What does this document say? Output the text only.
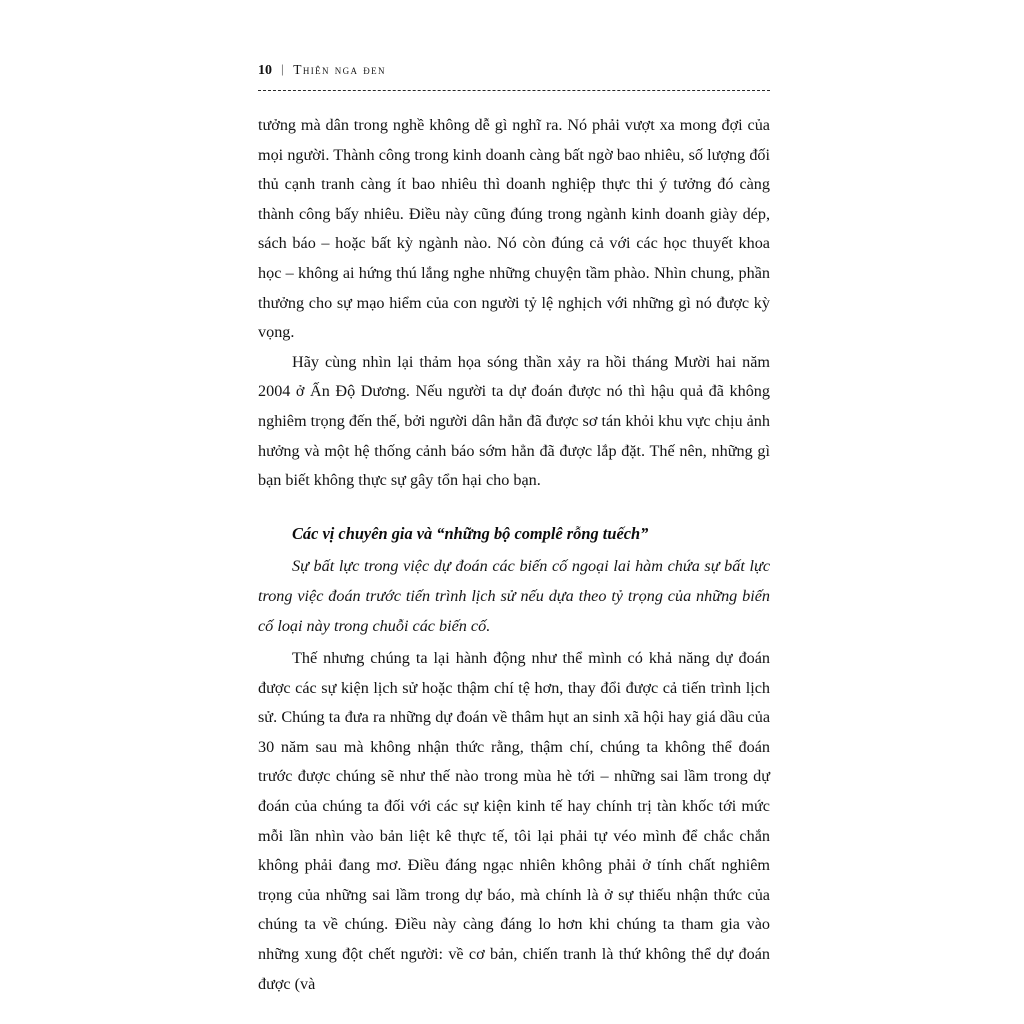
10 | Thiên nga đen

tưởng mà dân trong nghề không dễ gì nghĩ ra. Nó phải vượt xa mong đợi của mọi người. Thành công trong kinh doanh càng bất ngờ bao nhiêu, số lượng đối thủ cạnh tranh càng ít bao nhiêu thì doanh nghiệp thực thi ý tưởng đó càng thành công bấy nhiêu. Điều này cũng đúng trong ngành kinh doanh giày dép, sách báo – hoặc bất kỳ ngành nào. Nó còn đúng cả với các học thuyết khoa học – không ai hứng thú lắng nghe những chuyện tầm phào. Nhìn chung, phần thưởng cho sự mạo hiểm của con người tỷ lệ nghịch với những gì nó được kỳ vọng.

Hãy cùng nhìn lại thảm họa sóng thần xảy ra hồi tháng Mười hai năm 2004 ở Ấn Độ Dương. Nếu người ta dự đoán được nó thì hậu quả đã không nghiêm trọng đến thế, bởi người dân hẳn đã được sơ tán khỏi khu vực chịu ảnh hưởng và một hệ thống cảnh báo sớm hẳn đã được lắp đặt. Thế nên, những gì bạn biết không thực sự gây tổn hại cho bạn.

Các vị chuyên gia và “những bộ complê rỗng tuếch”

Sự bất lực trong việc dự đoán các biến cố ngoại lai hàm chứa sự bất lực trong việc đoán trước tiến trình lịch sử nếu dựa theo tỷ trọng của những biến cố loại này trong chuỗi các biến cố.

Thế nhưng chúng ta lại hành động như thể mình có khả năng dự đoán được các sự kiện lịch sử hoặc thậm chí tệ hơn, thay đổi được cả tiến trình lịch sử. Chúng ta đưa ra những dự đoán về thâm hụt an sinh xã hội hay giá dầu của 30 năm sau mà không nhận thức rằng, thậm chí, chúng ta không thể đoán trước được chúng sẽ như thế nào trong mùa hè tới – những sai lầm trong dự đoán của chúng ta đối với các sự kiện kinh tế hay chính trị tàn khốc tới mức mỗi lần nhìn vào bản liệt kê thực tế, tôi lại phải tự véo mình để chắc chắn không phải đang mơ. Điều đáng ngạc nhiên không phải ở tính chất nghiêm trọng của những sai lầm trong dự báo, mà chính là ở sự thiếu nhận thức của chúng ta về chúng. Điều này càng đáng lo hơn khi chúng ta tham gia vào những xung đột chết người: về cơ bản, chiến tranh là thứ không thể dự đoán được (và
